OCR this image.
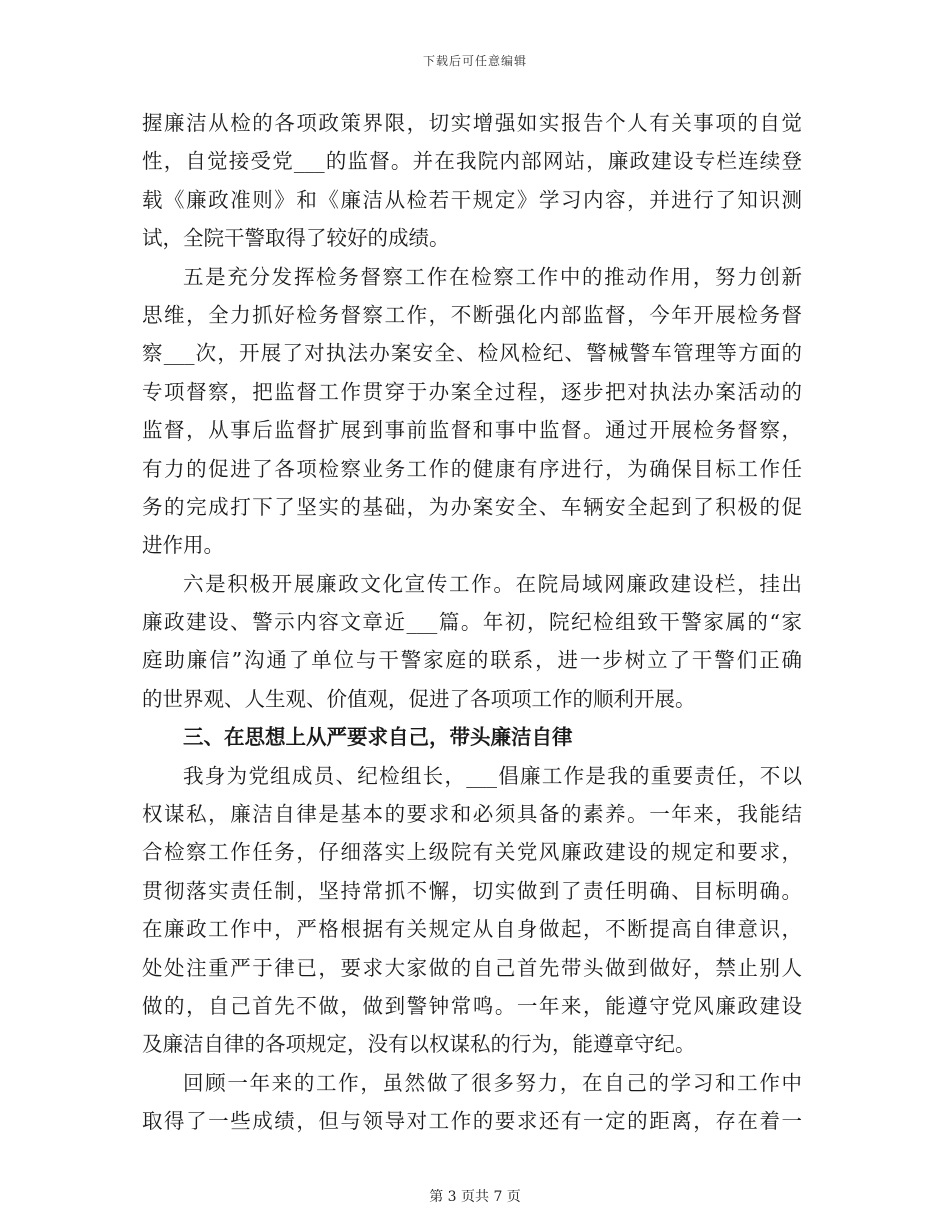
下载后可任意编辑
握廉洁从检的各项政策界限，切实增强如实报告个人有关事项的自觉
性，自觉接受党___的监督。并在我院内部网站，廉政建设专栏连续登
载《廉政准则》和《廉洁从检若干规定》学习内容，并进行了知识测
试，全院干警取得了较好的成绩。
五是充分发挥检务督察工作在检察工作中的推动作用，努力创新
思维，全力抓好检务督察工作，不断强化内部监督，今年开展检务督
察___次，开展了对执法办案安全、检风检纪、警械警车管理等方面的
专项督察，把监督工作贯穿于办案全过程，逐步把对执法办案活动的
监督，从事后监督扩展到事前监督和事中监督。通过开展检务督察，
有力的促进了各项检察业务工作的健康有序进行，为确保目标工作任
务的完成打下了坚实的基础，为办案安全、车辆安全起到了积极的促
进作用。
六是积极开展廉政文化宣传工作。在院局域网廉政建设栏，挂出
廉政建设、警示内容文章近___篇。年初，院纪检组致干警家属的“家
庭助廉信”沟通了单位与干警家庭的联系，进一步树立了干警们正确
的世界观、人生观、价值观，促进了各项项工作的顺利开展。
三、在思想上从严要求自己，带头廉洁自律
我身为党组成员、纪检组长，___倡廉工作是我的重要责任，不以
权谋私，廉洁自律是基本的要求和必须具备的素养。一年来，我能结
合检察工作任务，仔细落实上级院有关党风廉政建设的规定和要求，
贯彻落实责任制，坚持常抓不懈，切实做到了责任明确、目标明确。
在廉政工作中，严格根据有关规定从自身做起，不断提高自律意识，
处处注重严于律已，要求大家做的自己首先带头做到做好，禁止别人
做的，自己首先不做，做到警钟常鸣。一年来，能遵守党风廉政建设
及廉洁自律的各项规定，没有以权谋私的行为，能遵章守纪。
回顾一年来的工作，虽然做了很多努力，在自己的学习和工作中
取得了一些成绩，但与领导对工作的要求还有一定的距离，存在着一
第 3 页共 7 页
